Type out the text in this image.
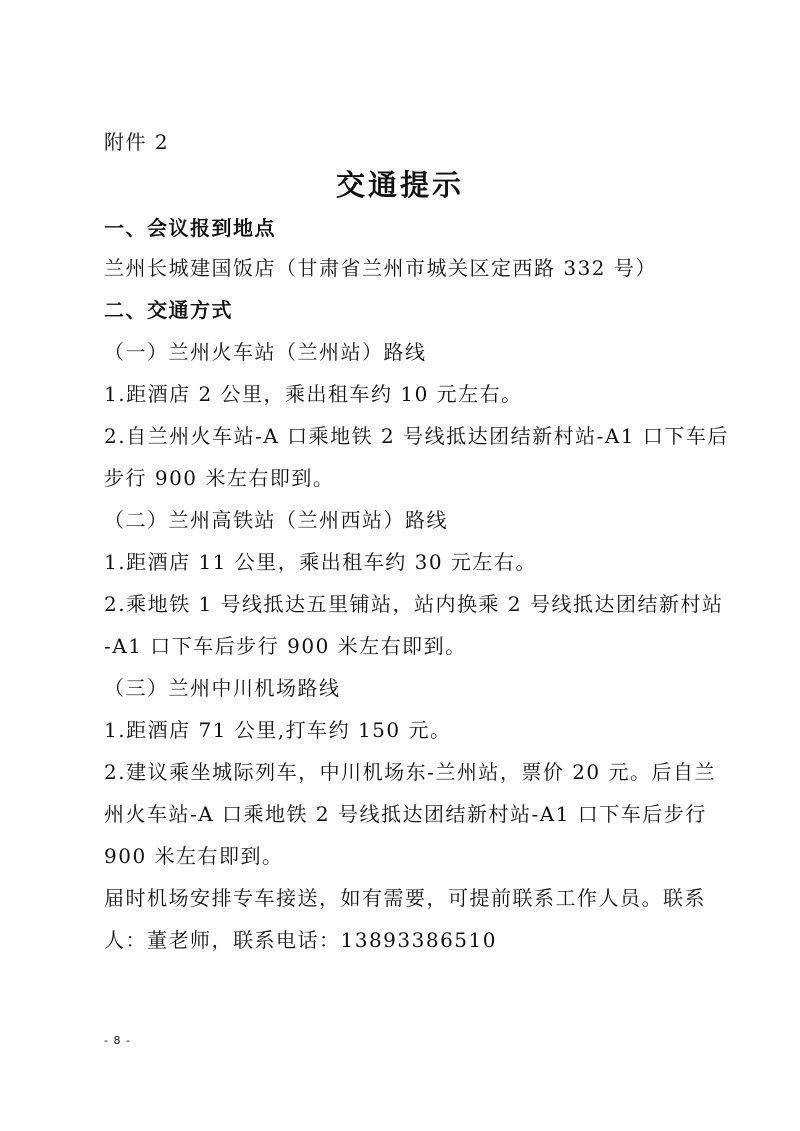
附件 2
交通提示
一、会议报到地点
兰州长城建国饭店（甘肃省兰州市城关区定西路 332 号）
二、交通方式
（一）兰州火车站（兰州站）路线
1.距酒店 2 公里，乘出租车约 10 元左右。
2.自兰州火车站-A 口乘地铁 2 号线抵达团结新村站-A1 口下车后
步行 900 米左右即到。
（二）兰州高铁站（兰州西站）路线
1.距酒店 11 公里，乘出租车约 30 元左右。
2.乘地铁 1 号线抵达五里铺站，站内换乘 2 号线抵达团结新村站
-A1 口下车后步行 900 米左右即到。
（三）兰州中川机场路线
1.距酒店 71 公里,打车约 150 元。
2.建议乘坐城际列车，中川机场东-兰州站，票价 20 元。后自兰
州火车站-A 口乘地铁 2 号线抵达团结新村站-A1 口下车后步行
900 米左右即到。
届时机场安排专车接送，如有需要，可提前联系工作人员。联系
人：董老师，联系电话：13893386510
- 8 -
